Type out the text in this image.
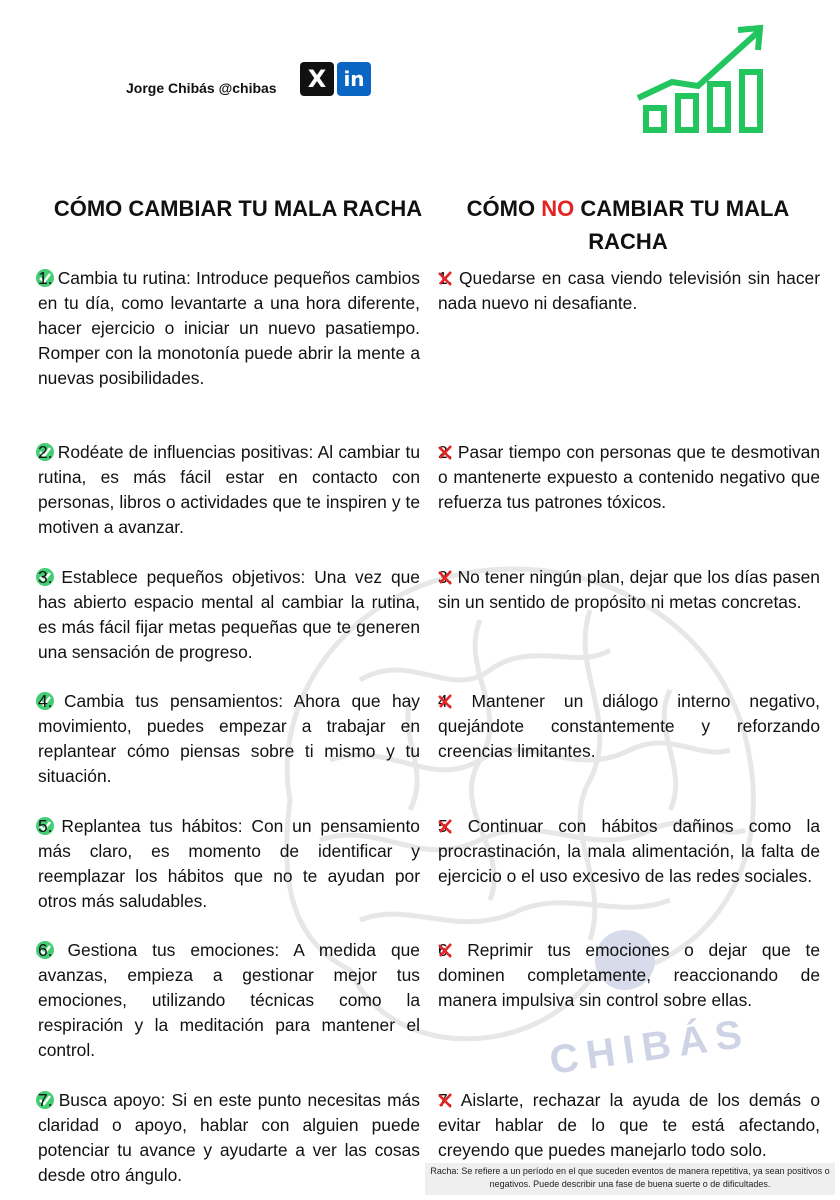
CHIBÁS
Jorge Chibás @chibas	X in
CÓMO CAMBIAR TU MALA RACHA	CÓMO NO CAMBIAR TU MALA RACHA
1. Cambia tu rutina: Introduce pequeños cambios en tu día, como levantarte a una hora diferente, hacer ejercicio o iniciar un nuevo pasatiempo. Romper con la monotonía puede abrir la mente a nuevas posibilidades.
2. Rodéate de influencias positivas: Al cambiar tu rutina, es más fácil estar en contacto con personas, libros o actividades que te inspiren y te motiven a avanzar.
3. Establece pequeños objetivos: Una vez que has abierto espacio mental al cambiar la rutina, es más fácil fijar metas pequeñas que te generen una sensación de progreso.
4. Cambia tus pensamientos: Ahora que hay movimiento, puedes empezar a trabajar en replantear cómo piensas sobre ti mismo y tu situación.
5. Replantea tus hábitos: Con un pensamiento más claro, es momento de identificar y reemplazar los hábitos que no te ayudan por otros más saludables.
6. Gestiona tus emociones: A medida que avanzas, empieza a gestionar mejor tus emociones, utilizando técnicas como la respiración y la meditación para mantener el control.
7. Busca apoyo: Si en este punto necesitas más claridad o apoyo, hablar con alguien puede potenciar tu avance y ayudarte a ver las cosas desde otro ángulo.
1. Quedarse en casa viendo televisión sin hacer nada nuevo ni desafiante.
2. Pasar tiempo con personas que te desmotivan o mantenerte expuesto a contenido negativo que refuerza tus patrones tóxicos.
3. No tener ningún plan, dejar que los días pasen sin un sentido de propósito ni metas concretas.
4. Mantener un diálogo interno negativo, quejándote constantemente y reforzando creencias limitantes.
5. Continuar con hábitos dañinos como la procrastinación, la mala alimentación, la falta de ejercicio o el uso excesivo de las redes sociales.
6. Reprimir tus emociones o dejar que te dominen completamente, reaccionando de manera impulsiva sin control sobre ellas.
7. Aislarte, rechazar la ayuda de los demás o evitar hablar de lo que te está afectando, creyendo que puedes manejarlo todo solo.
Racha: Se refiere a un período en el que suceden eventos de manera repetitiva, ya sean positivos o negativos. Puede describir una fase de buena suerte o de dificultades.
